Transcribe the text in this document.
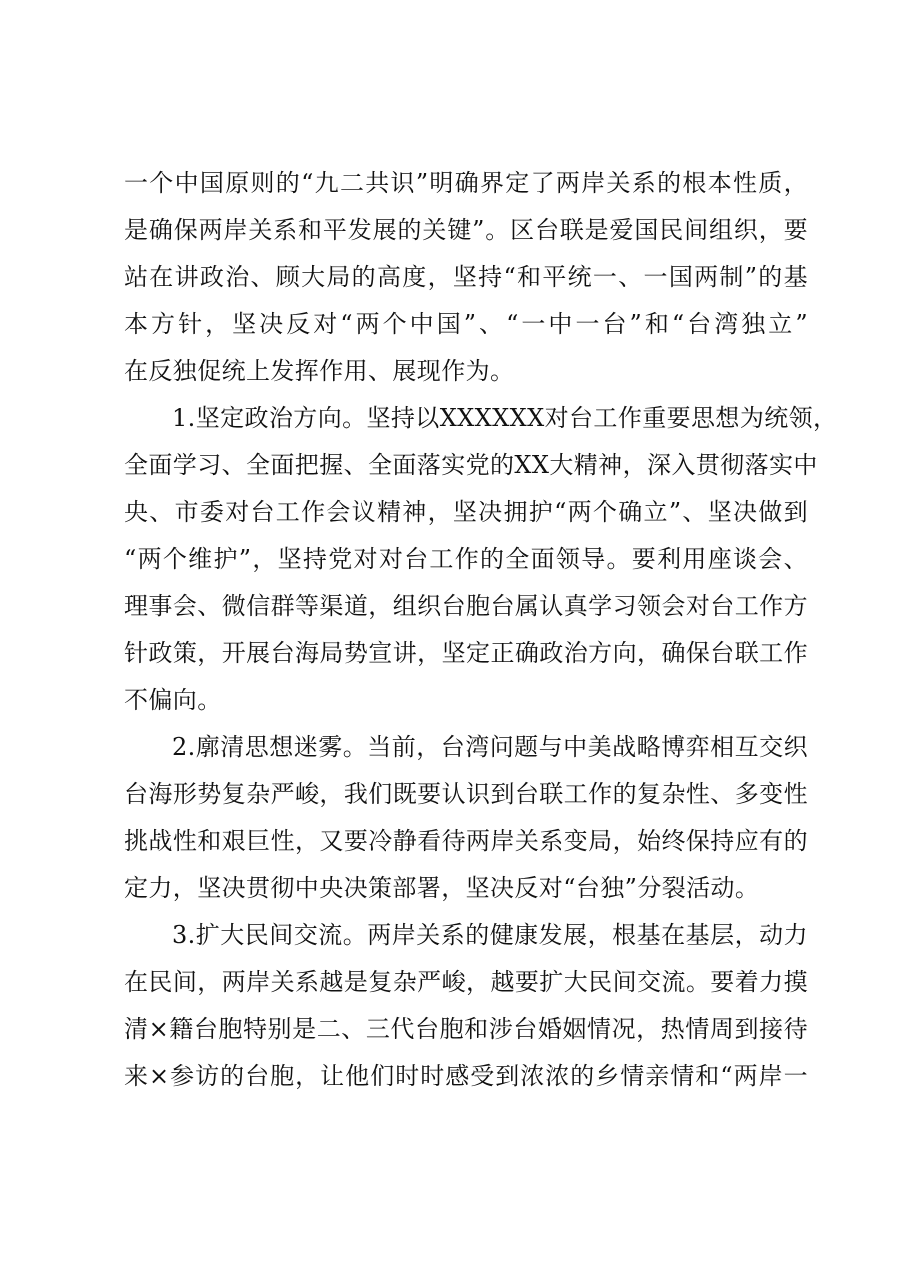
一个中国原则的“九二共识”明确界定了两岸关系的根本性质，
是确保两岸关系和平发展的关键”。区台联是爱国民间组织，要
站在讲政治、顾大局的高度，坚持“和平统一、一国两制”的基
本方针，坚决反对“两个中国”、“一中一台”和“台湾独立”
在反独促统上发挥作用、展现作为。
1.坚定政治方向。坚持以XXXXXX对台工作重要思想为统领，
全面学习、全面把握、全面落实党的XX大精神，深入贯彻落实中
央、市委对台工作会议精神，坚决拥护“两个确立”、坚决做到
“两个维护”，坚持党对对台工作的全面领导。要利用座谈会、
理事会、微信群等渠道，组织台胞台属认真学习领会对台工作方
针政策，开展台海局势宣讲，坚定正确政治方向，确保台联工作
不偏向。
2.廓清思想迷雾。当前，台湾问题与中美战略博弈相互交织
台海形势复杂严峻，我们既要认识到台联工作的复杂性、多变性
挑战性和艰巨性，又要冷静看待两岸关系变局，始终保持应有的
定力，坚决贯彻中央决策部署，坚决反对“台独”分裂活动。
3.扩大民间交流。两岸关系的健康发展，根基在基层，动力
在民间，两岸关系越是复杂严峻，越要扩大民间交流。要着力摸
清×籍台胞特别是二、三代台胞和涉台婚姻情况，热情周到接待
来×参访的台胞，让他们时时感受到浓浓的乡情亲情和“两岸一
